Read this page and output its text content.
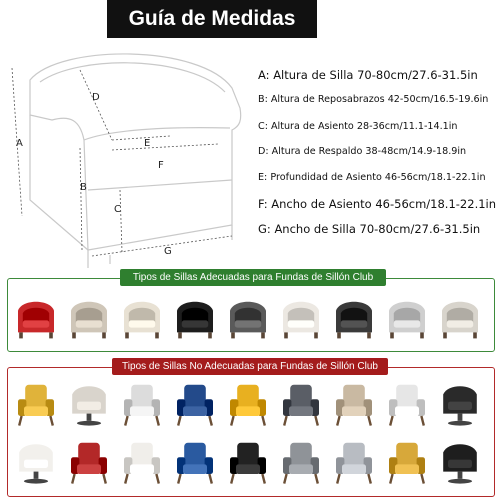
Guía de Medidas
A
B
C
D
E
F
G
A: Altura de Silla 70-80cm/27.6-31.5in
B: Altura de Reposabrazos 42-50cm/16.5-19.6in
C: Altura de Asiento 28-36cm/11.1-14.1in
D: Altura de Respaldo 38-48cm/14.9-18.9in
E: Profundidad de Asiento 46-56cm/18.1-22.1in
F: Ancho de Asiento 46-56cm/18.1-22.1in
G: Ancho de Silla 70-80cm/27.6-31.5in
Tipos de Sillas Adecuadas para Fundas de Sillón Club
Tipos de Sillas No Adecuadas para Fundas de Sillón Club
